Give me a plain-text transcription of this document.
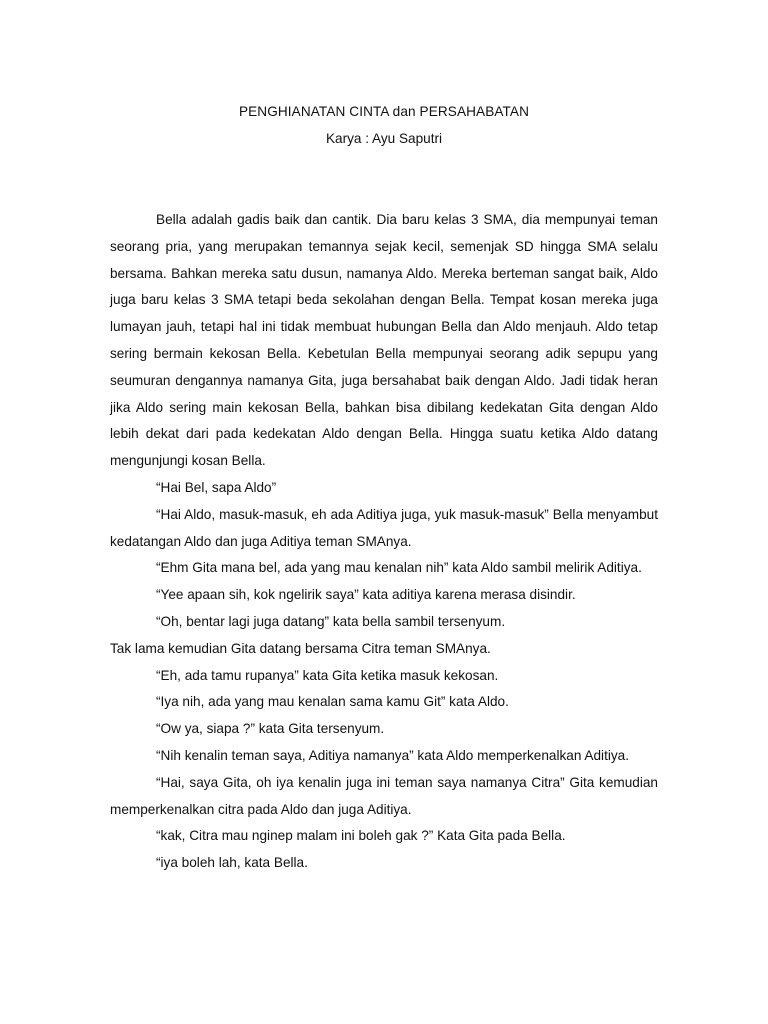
PENGHIANATAN CINTA dan PERSAHABATAN
Karya : Ayu Saputri

Bella adalah gadis baik dan cantik. Dia baru kelas 3 SMA, dia mempunyai teman seorang pria, yang merupakan temannya sejak kecil, semenjak SD hingga SMA selalu bersama. Bahkan mereka satu dusun, namanya Aldo. Mereka berteman sangat baik, Aldo juga baru kelas 3 SMA tetapi beda sekolahan dengan Bella. Tempat kosan mereka juga lumayan jauh, tetapi hal ini tidak membuat hubungan Bella dan Aldo menjauh. Aldo tetap sering bermain kekosan Bella. Kebetulan Bella mempunyai seorang adik sepupu yang seumuran dengannya namanya Gita, juga bersahabat baik dengan Aldo. Jadi tidak heran jika Aldo sering main kekosan Bella, bahkan bisa dibilang kedekatan Gita dengan Aldo lebih dekat dari pada kedekatan Aldo dengan Bella. Hingga suatu ketika Aldo datang mengunjungi kosan Bella.

“Hai Bel, sapa Aldo”

“Hai Aldo, masuk-masuk, eh ada Aditiya juga, yuk masuk-masuk” Bella menyambut kedatangan Aldo dan juga Aditiya teman SMAnya.

“Ehm Gita mana bel, ada yang mau kenalan nih” kata Aldo sambil melirik Aditiya.

“Yee apaan sih, kok ngelirik saya” kata aditiya karena merasa disindir.

“Oh, bentar lagi juga datang” kata bella sambil tersenyum.

Tak lama kemudian Gita datang bersama Citra teman SMAnya.

“Eh, ada tamu rupanya” kata Gita ketika masuk kekosan.

“Iya nih, ada yang mau kenalan sama kamu Git” kata Aldo.

“Ow ya, siapa ?” kata Gita tersenyum.

“Nih kenalin teman saya, Aditiya namanya” kata Aldo memperkenalkan Aditiya.

“Hai, saya Gita, oh iya kenalin juga ini teman saya namanya Citra” Gita kemudian memperkenalkan citra pada Aldo dan juga Aditiya.

“kak, Citra mau nginep malam ini boleh gak ?” Kata Gita pada Bella.

“iya boleh lah, kata Bella.
